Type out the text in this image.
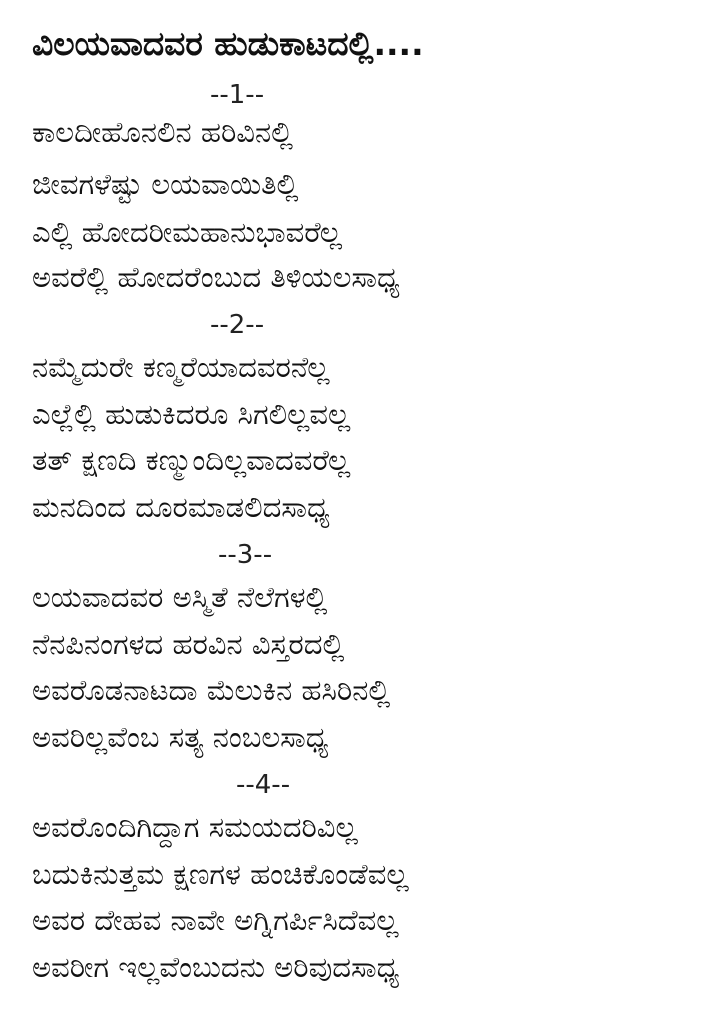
ವಿಲಯವಾದವರ ಹುಡುಕಾಟದಲ್ಲಿ....
--1--
ಕಾಲದೀಹೊನಲಿನ ಹರಿವಿನಲ್ಲಿ
ಜೀವಗಳೆಷ್ಟು ಲಯವಾಯಿತಿಲ್ಲಿ
ಎಲ್ಲಿ ಹೋದರೀಮಹಾನುಭಾವರೆಲ್ಲ
ಅವರೆಲ್ಲಿ ಹೋದರೆಂಬುದ ತಿಳಿಯಲಸಾಧ್ಯ
--2--
ನಮ್ಮೆದುರೇ ಕಣ್ಮರೆಯಾದವರನೆಲ್ಲ
ಎಲ್ಲೆಲ್ಲಿ ಹುಡುಕಿದರೂ ಸಿಗಲಿಲ್ಲವಲ್ಲ
ತತ್ ಕ್ಷಣದಿ ಕಣ್ಮುಂದಿಲ್ಲವಾದವರೆಲ್ಲ
ಮನದಿಂದ ದೂರಮಾಡಲಿದಸಾಧ್ಯ
--3--
ಲಯವಾದವರ ಅಸ್ಮಿತೆ ನೆಲೆಗಳಲ್ಲಿ
ನೆನಪಿನಂಗಳದ ಹರವಿನ ವಿಸ್ತರದಲ್ಲಿ
ಅವರೊಡನಾಟದಾ ಮೆಲುಕಿನ ಹಸಿರಿನಲ್ಲಿ
ಅವರಿಲ್ಲವೆಂಬ ಸತ್ಯ ನಂಬಲಸಾಧ್ಯ
--4--
ಅವರೊಂದಿಗಿದ್ದಾಗ ಸಮಯದರಿವಿಲ್ಲ
ಬದುಕಿನುತ್ತಮ ಕ್ಷಣಗಳ ಹಂಚಿಕೊಂಡೆವಲ್ಲ
ಅವರ ದೇಹವ ನಾವೇ ಅಗ್ನಿಗರ್ಪಿಸಿದೆವಲ್ಲ
ಅವರೀಗ ಇಲ್ಲವೆಂಬುದನು ಅರಿವುದಸಾಧ್ಯ
